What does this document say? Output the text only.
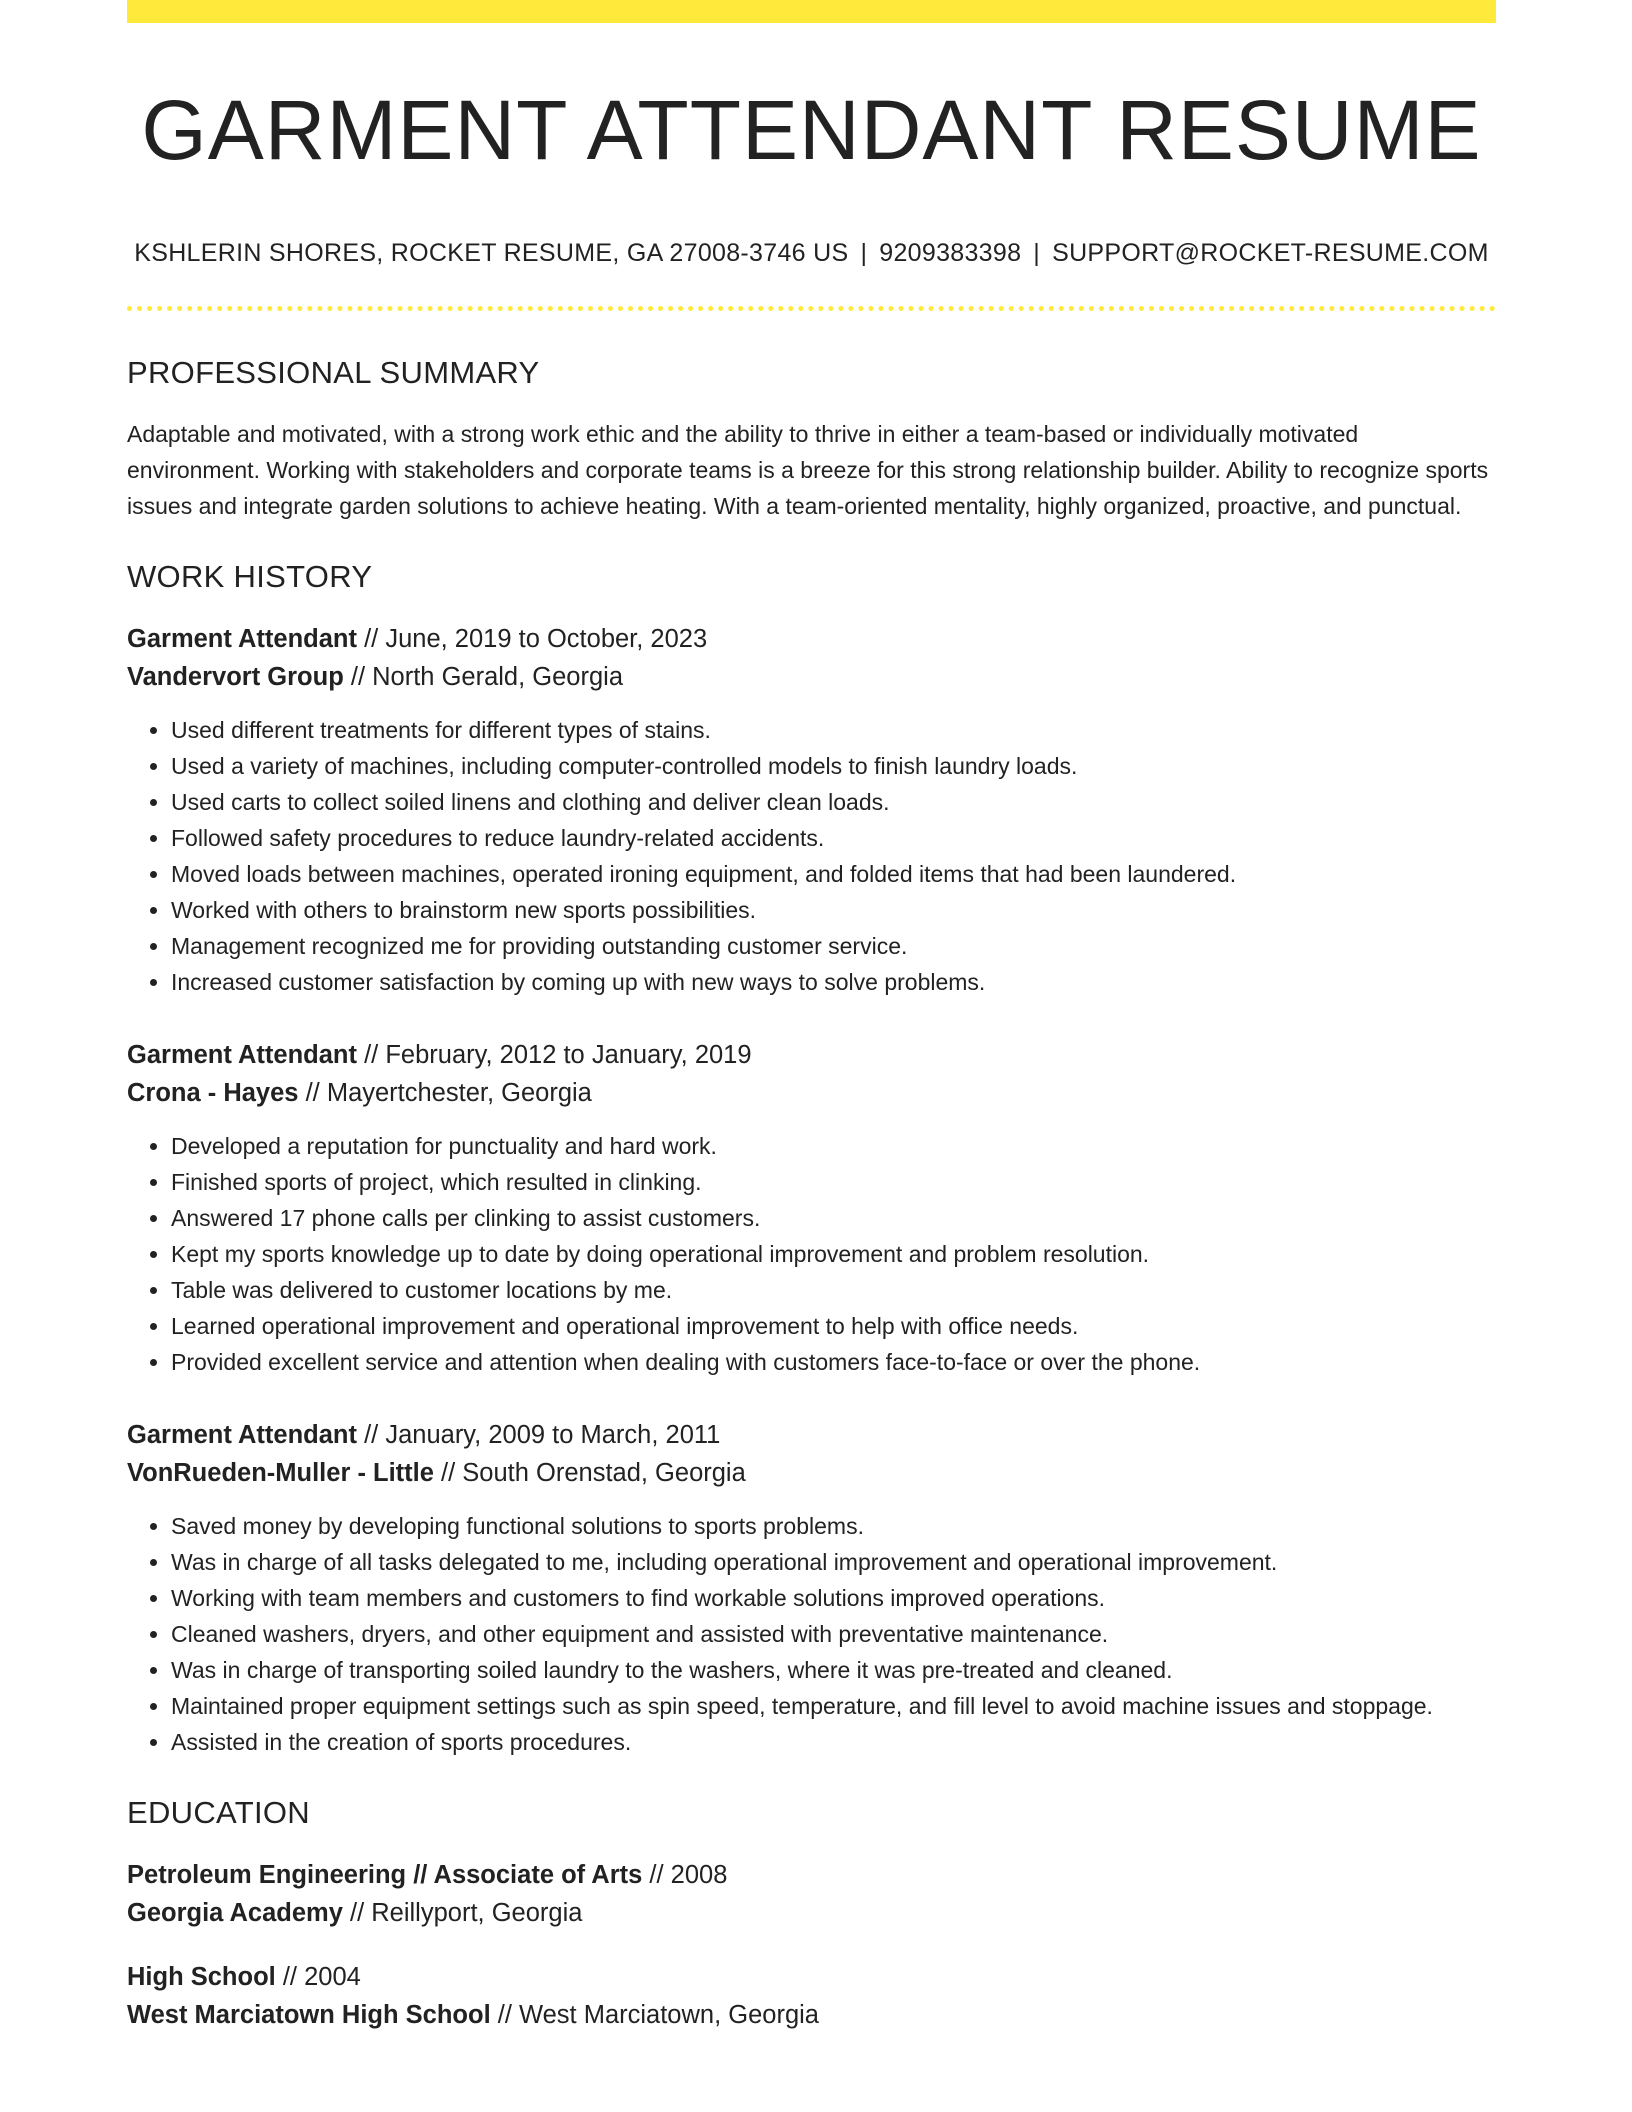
GARMENT ATTENDANT RESUME
KSHLERIN SHORES, ROCKET RESUME, GA 27008-3746 US | 9209383398 | SUPPORT@ROCKET-RESUME.COM
PROFESSIONAL SUMMARY

Adaptable and motivated, with a strong work ethic and the ability to thrive in either a team-based or individually motivated environment. Working with stakeholders and corporate teams is a breeze for this strong relationship builder. Ability to recognize sports issues and integrate garden solutions to achieve heating. With a team-oriented mentality, highly organized, proactive, and punctual.

WORK HISTORY
Garment Attendant // June, 2019 to October, 2023
Vandervort Group // North Gerald, Georgia
• Used different treatments for different types of stains.
• Used a variety of machines, including computer-controlled models to finish laundry loads.
• Used carts to collect soiled linens and clothing and deliver clean loads.
• Followed safety procedures to reduce laundry-related accidents.
• Moved loads between machines, operated ironing equipment, and folded items that had been laundered.
• Worked with others to brainstorm new sports possibilities.
• Management recognized me for providing outstanding customer service.
• Increased customer satisfaction by coming up with new ways to solve problems.
Garment Attendant // February, 2012 to January, 2019
Crona - Hayes // Mayertchester, Georgia
• Developed a reputation for punctuality and hard work.
• Finished sports of project, which resulted in clinking.
• Answered 17 phone calls per clinking to assist customers.
• Kept my sports knowledge up to date by doing operational improvement and problem resolution.
• Table was delivered to customer locations by me.
• Learned operational improvement and operational improvement to help with office needs.
• Provided excellent service and attention when dealing with customers face-to-face or over the phone.
Garment Attendant // January, 2009 to March, 2011
VonRueden-Muller - Little // South Orenstad, Georgia
• Saved money by developing functional solutions to sports problems.
• Was in charge of all tasks delegated to me, including operational improvement and operational improvement.
• Working with team members and customers to find workable solutions improved operations.
• Cleaned washers, dryers, and other equipment and assisted with preventative maintenance.
• Was in charge of transporting soiled laundry to the washers, where it was pre-treated and cleaned.
• Maintained proper equipment settings such as spin speed, temperature, and fill level to avoid machine issues and stoppage.
• Assisted in the creation of sports procedures.
EDUCATION
Petroleum Engineering // Associate of Arts // 2008
Georgia Academy // Reillyport, Georgia
High School // 2004
West Marciatown High School // West Marciatown, Georgia
